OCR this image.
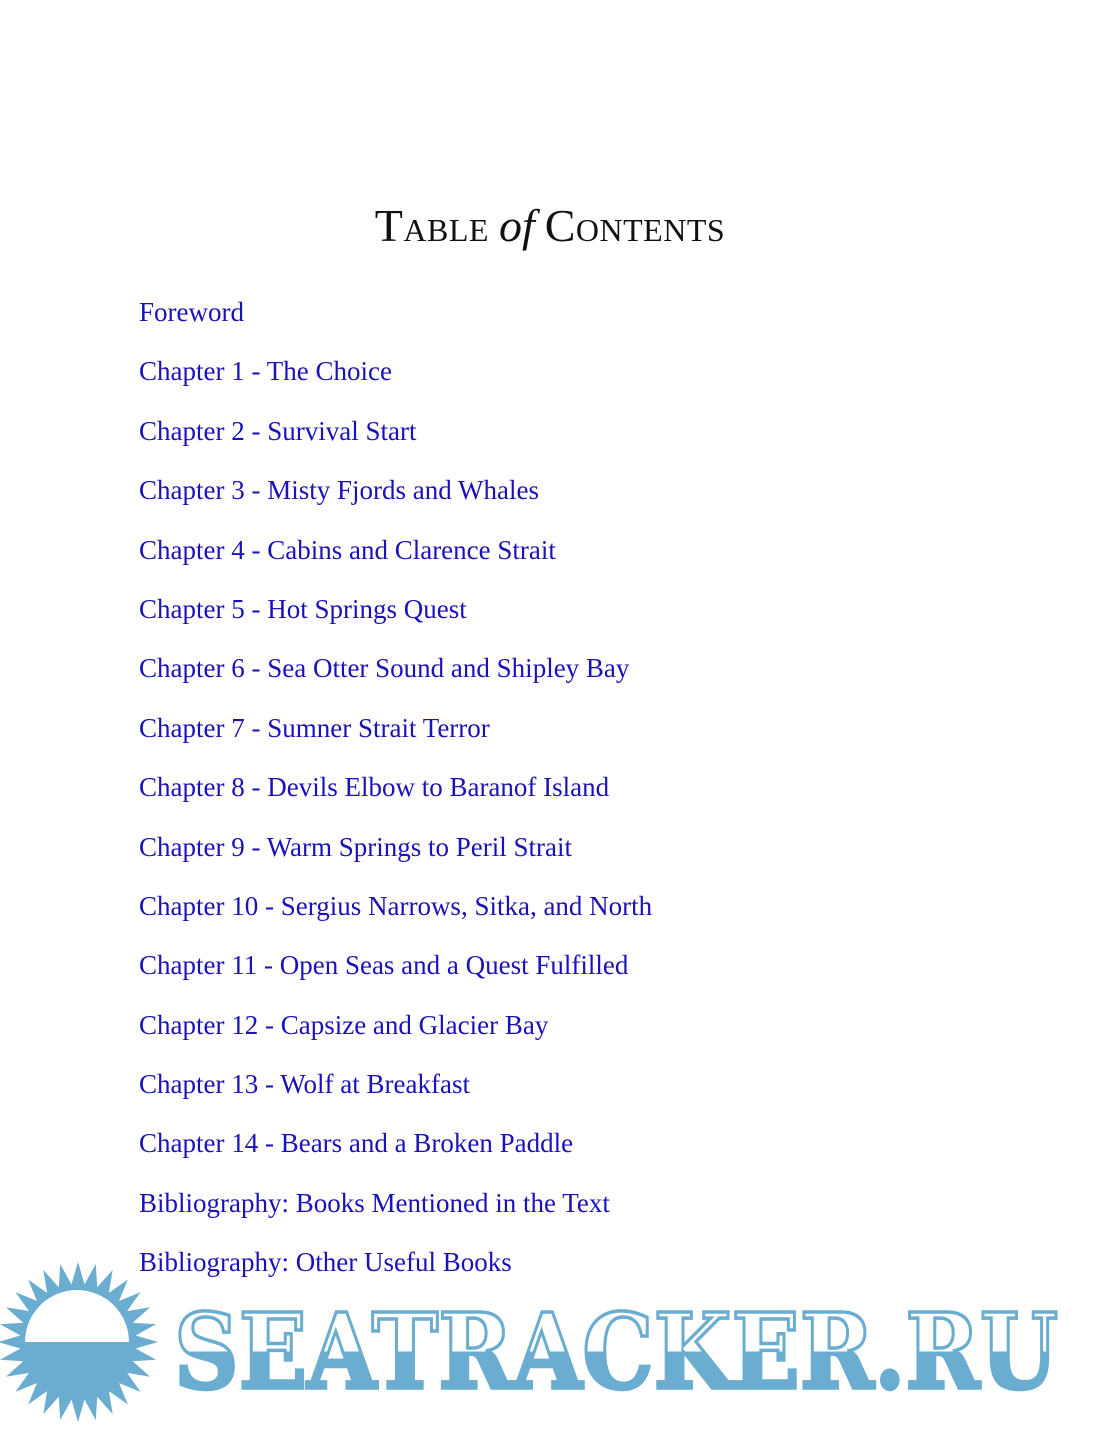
Table of Contents
Foreword
Chapter 1 - The Choice
Chapter 2 - Survival Start
Chapter 3 - Misty Fjords and Whales
Chapter 4 - Cabins and Clarence Strait
Chapter 5 - Hot Springs Quest
Chapter 6 - Sea Otter Sound and Shipley Bay
Chapter 7 - Sumner Strait Terror
Chapter 8 - Devils Elbow to Baranof Island
Chapter 9 - Warm Springs to Peril Strait
Chapter 10 - Sergius Narrows, Sitka, and North
Chapter 11 - Open Seas and a Quest Fulfilled
Chapter 12 - Capsize and Glacier Bay
Chapter 13 - Wolf at Breakfast
Chapter 14 - Bears and a Broken Paddle
Bibliography: Books Mentioned in the Text
Bibliography: Other Useful Books
SEATRACKER.RU
